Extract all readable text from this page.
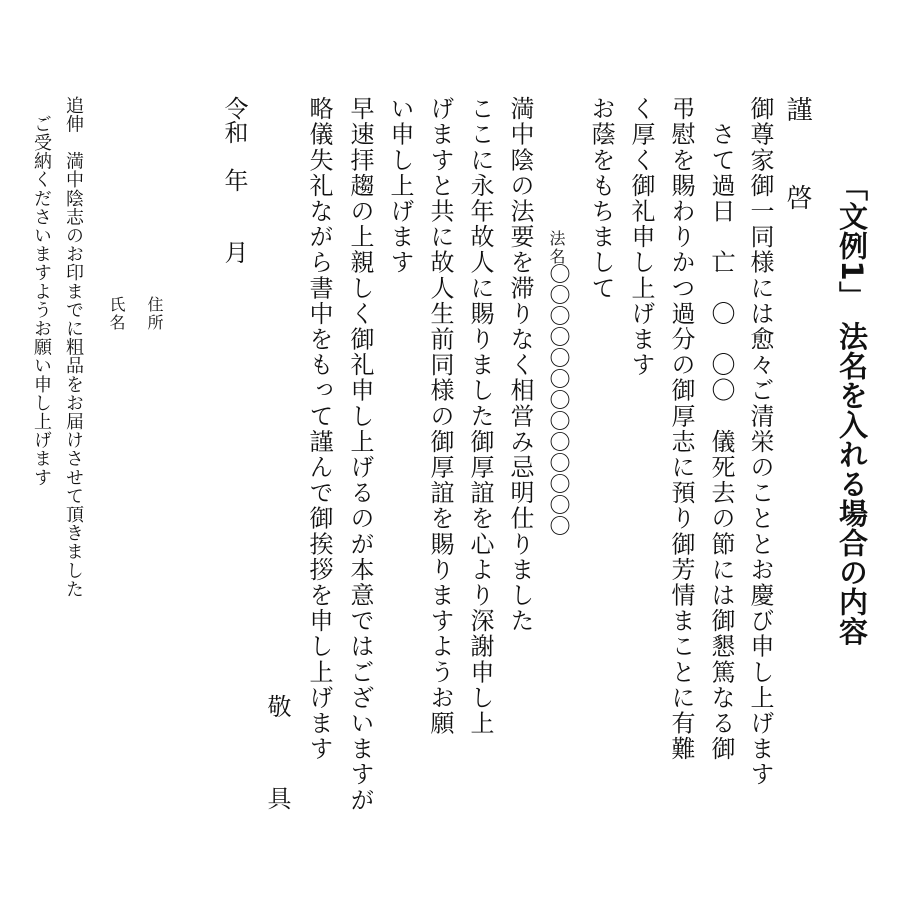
「文例1」 法名を入れる場合の内容
謹　啓
御尊家御一同様には愈々ご清栄のこととお慶び申し上げます
　さて過日　亡　〇　〇〇　儀死去の節には御懇篤なる御
弔慰を賜わりかつ過分の御厚志に預り御芳情まことに有難
く厚く御礼申し上げます
お蔭をもちまして
法名
〇〇〇〇〇〇〇〇〇〇〇〇〇
満中陰の法要を滞りなく相営み忌明仕りました
ここに永年故人に賜りました御厚誼を心より深謝申し上
げますと共に故人生前同様の御厚誼を賜りますようお願
い申し上げます
早速拝趨の上親しく御礼申し上げるのが本意ではございますが
略儀失礼ながら書中をもって謹んで御挨拶を申し上げます
敬　具
令和　年　　月
住所
氏名
追伸　満中陰志のお印までに粗品をお届けさせて頂きました
　ご受納くださいますようお願い申し上げます
